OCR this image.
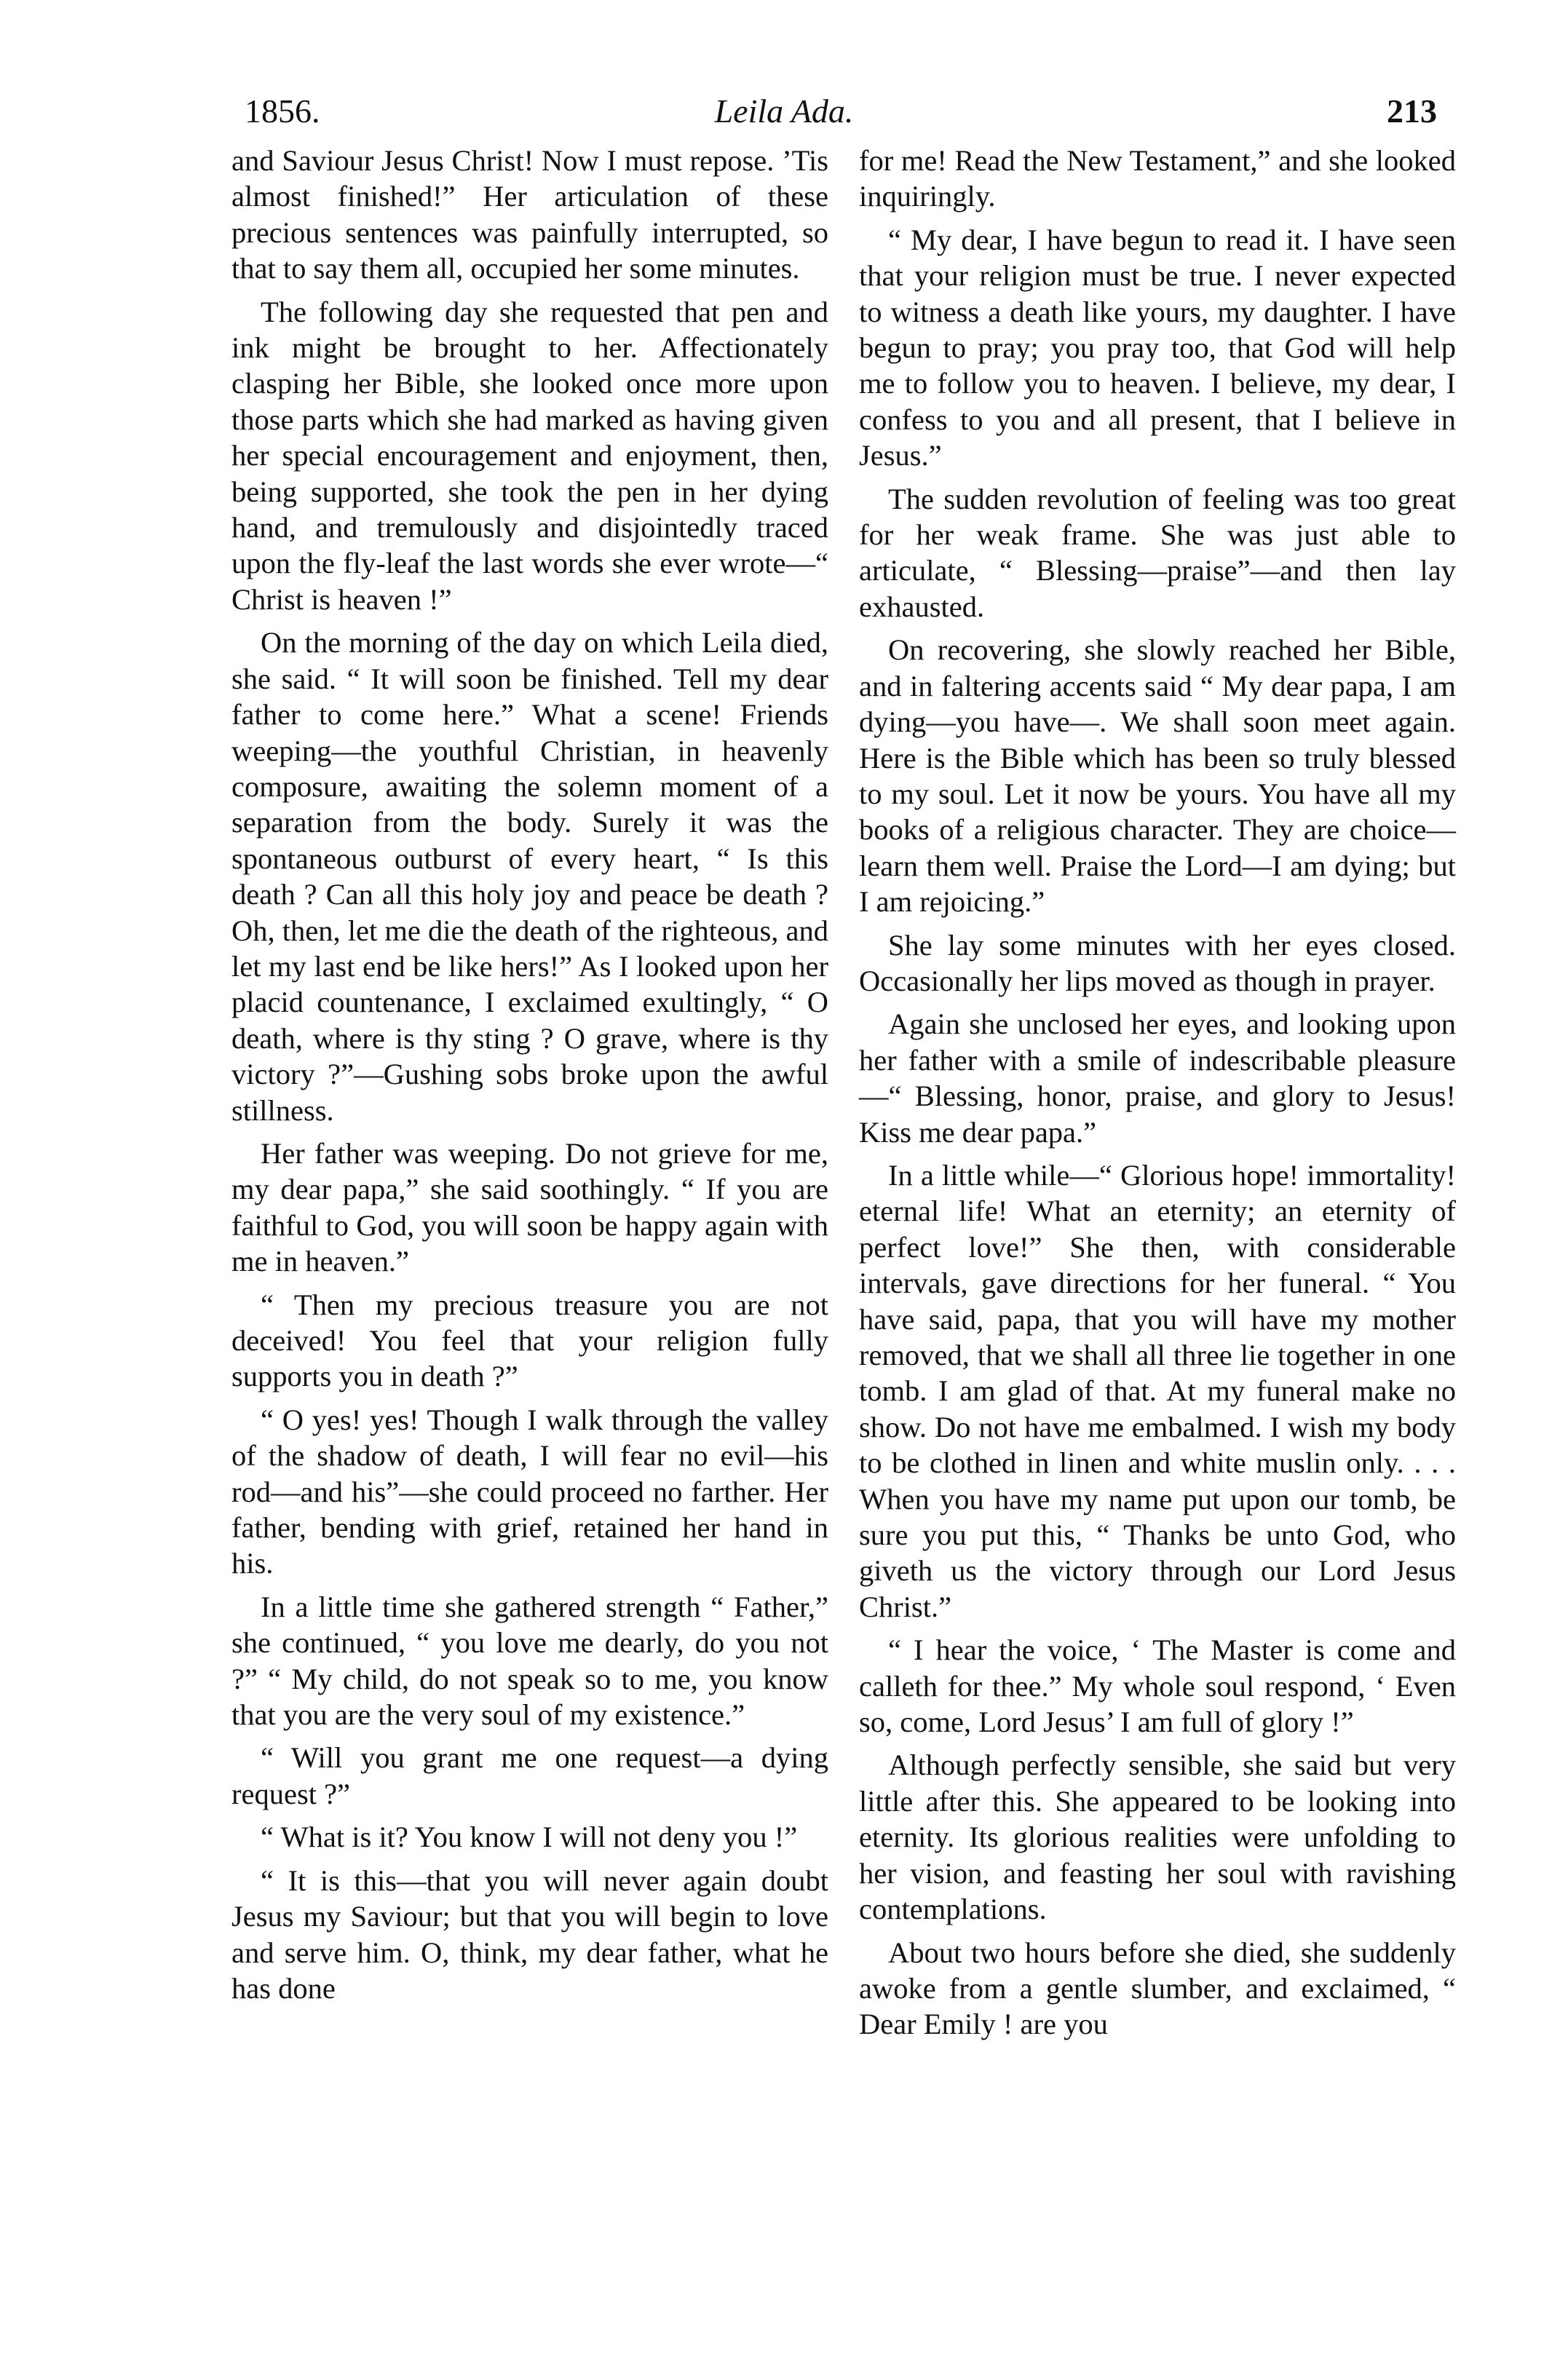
1856.	Leila Ada.	213

and Saviour Jesus Christ! Now I must repose. ’Tis almost finished!” Her articulation of these precious sentences was painfully interrupted, so that to say them all, occupied her some minutes.

The following day she requested that pen and ink might be brought to her. Affectionately clasping her Bible, she looked once more upon those parts which she had marked as having given her special encouragement and enjoyment, then, being supported, she took the pen in her dying hand, and tremulously and disjointedly traced upon the fly-leaf the last words she ever wrote—“ Christ is heaven !”

On the morning of the day on which Leila died, she said. “ It will soon be finished. Tell my dear father to come here.” What a scene! Friends weeping—the youthful Christian, in heavenly composure, awaiting the solemn moment of a separation from the body. Surely it was the spontaneous outburst of every heart, “ Is this death ? Can all this holy joy and peace be death ? Oh, then, let me die the death of the righteous, and let my last end be like hers!” As I looked upon her placid countenance, I exclaimed exultingly, “ O death, where is thy sting ? O grave, where is thy victory ?”—Gushing sobs broke upon the awful stillness.

Her father was weeping. Do not grieve for me, my dear papa,” she said soothingly. “ If you are faithful to God, you will soon be happy again with me in heaven.”

“ Then my precious treasure you are not deceived! You feel that your religion fully supports you in death ?”

“ O yes! yes! Though I walk through the valley of the shadow of death, I will fear no evil—his rod—and his”—she could proceed no farther. Her father, bending with grief, retained her hand in his.

In a little time she gathered strength “ Father,” she continued, “ you love me dearly, do you not ?” “ My child, do not speak so to me, you know that you are the very soul of my existence.”

“ Will you grant me one request—a dying request ?”

“ What is it? You know I will not deny you !”

“ It is this—that you will never again doubt Jesus my Saviour; but that you will begin to love and serve him. O, think, my dear father, what he has done

for me! Read the New Testament,” and she looked inquiringly.

“ My dear, I have begun to read it. I have seen that your religion must be true. I never expected to witness a death like yours, my daughter. I have begun to pray; you pray too, that God will help me to follow you to heaven. I believe, my dear, I confess to you and all present, that I believe in Jesus.”

The sudden revolution of feeling was too great for her weak frame. She was just able to articulate, “ Blessing—praise”—and then lay exhausted.

On recovering, she slowly reached her Bible, and in faltering accents said “ My dear papa, I am dying—you have—. We shall soon meet again. Here is the Bible which has been so truly blessed to my soul. Let it now be yours. You have all my books of a religious character. They are choice—learn them well. Praise the Lord—I am dying; but I am rejoicing.”

She lay some minutes with her eyes closed. Occasionally her lips moved as though in prayer.

Again she unclosed her eyes, and looking upon her father with a smile of indescribable pleasure—“ Blessing, honor, praise, and glory to Jesus! Kiss me dear papa.”

In a little while—“ Glorious hope! immortality! eternal life! What an eternity; an eternity of perfect love!” She then, with considerable intervals, gave directions for her funeral. “ You have said, papa, that you will have my mother removed, that we shall all three lie together in one tomb. I am glad of that. At my funeral make no show. Do not have me embalmed. I wish my body to be clothed in linen and white muslin only. . . . When you have my name put upon our tomb, be sure you put this, “ Thanks be unto God, who giveth us the victory through our Lord Jesus Christ.”

“ I hear the voice, ‘ The Master is come and calleth for thee.” My whole soul respond, ‘ Even so, come, Lord Jesus’ I am full of glory !”

Although perfectly sensible, she said but very little after this. She appeared to be looking into eternity. Its glorious realities were unfolding to her vision, and feasting her soul with ravishing contemplations.

About two hours before she died, she suddenly awoke from a gentle slumber, and exclaimed, “ Dear Emily ! are you
